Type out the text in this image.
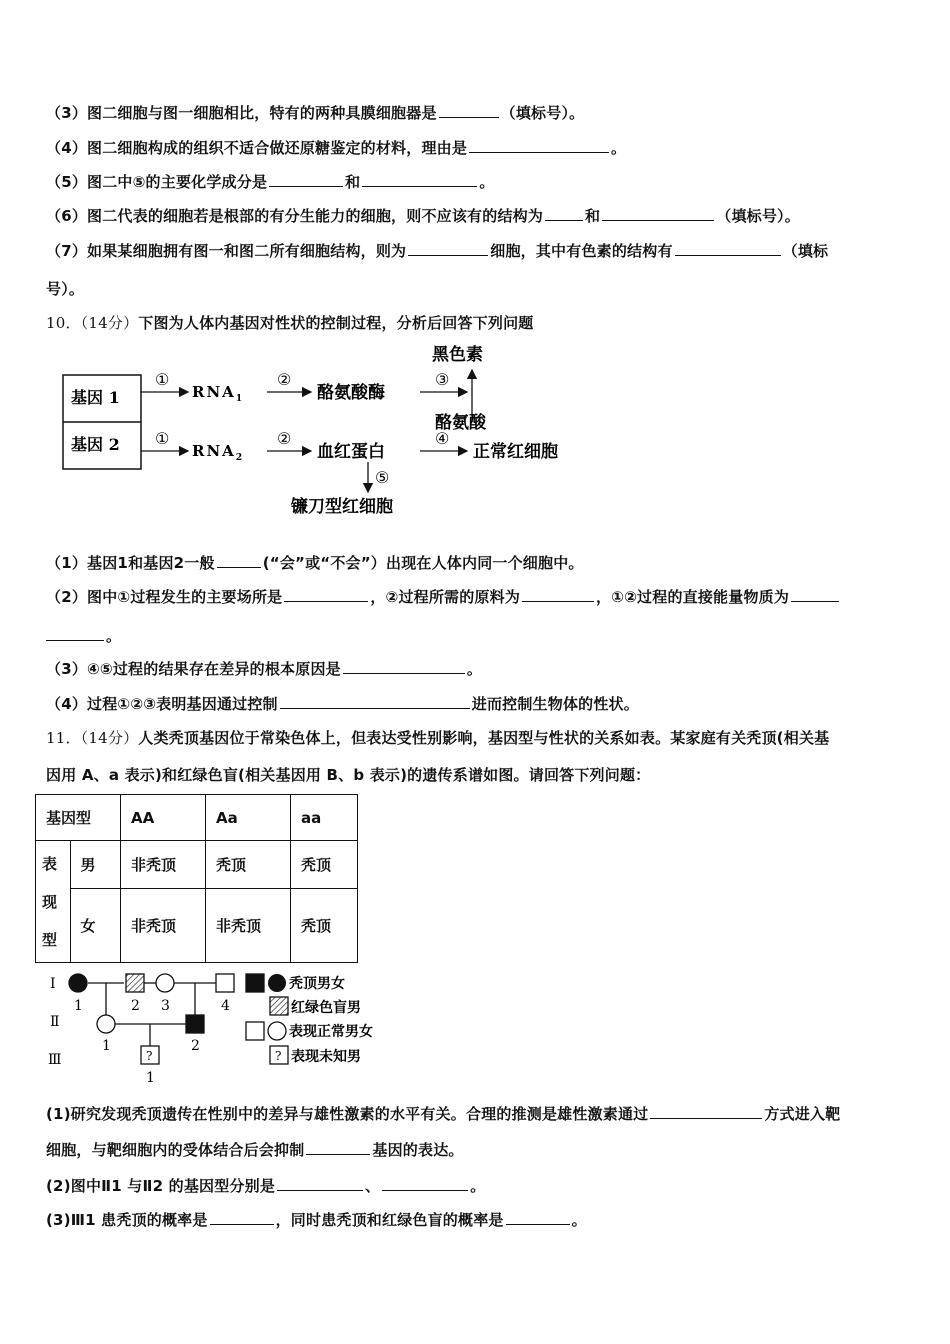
（3）图二细胞与图一细胞相比，特有的两种具膜细胞器是	（填标号）。
（4）图二细胞构成的组织不适合做还原糖鉴定的材料，理由是	。
（5）图二中⑤的主要化学成分是	和	。
（6）图二代表的细胞若是根部的有分生能力的细胞，则不应该有的结构为	和	（填标号）。
（7）如果某细胞拥有图一和图二所有细胞结构，则为	细胞，其中有色素的结构有	（填标
号）。
10．（14分）下图为人体内基因对性状的控制过程，分析后回答下列问题
基因 1
基因 2
①
$RNA_1$
②
酪氨酸酶
③
黑色素
酪氨酸
①
$RNA_2$
②
血红蛋白
④
正常红细胞
⑤
镰刀型红细胞
（1）基因1和基因2一般	(“会”或“不会”）出现在人体内同一个细胞中。
（2）图中①过程发生的主要场所是	，②过程所需的原料为	，①②过程的直接能量物质为
。
（3）④⑤过程的结果存在差异的根本原因是	。
（4）过程①②③表明基因通过控制	进而控制生物体的性状。
11．（14分）人类秃顶基因位于常染色体上，但表达受性别影响，基因型与性状的关系如表。某家庭有关秃顶(相关基
因用 A、a 表示)和红绿色盲(相关基因用 B、b 表示)的遗传系谱如图。请回答下列问题：
基因型		AA	Aa	aa

表
现
型	男	非秃顶	秃顶	秃顶
	女	非秃顶	非秃顶	秃顶
Ⅰ
Ⅱ
Ⅲ
1	2 3	4
1	2
?
1
秃顶男女
红绿色盲男
表现正常男女
? 表现未知男
(1)研究发现秃顶遗传在性别中的差异与雄性激素的水平有关。合理的推测是雄性激素通过	方式进入靶
细胞，与靶细胞内的受体结合后会抑制	基因的表达。
(2)图中Ⅱ1 与Ⅱ2 的基因型分别是	、	。
(3)Ⅲ1 患秃顶的概率是	，同时患秃顶和红绿色盲的概率是	。
